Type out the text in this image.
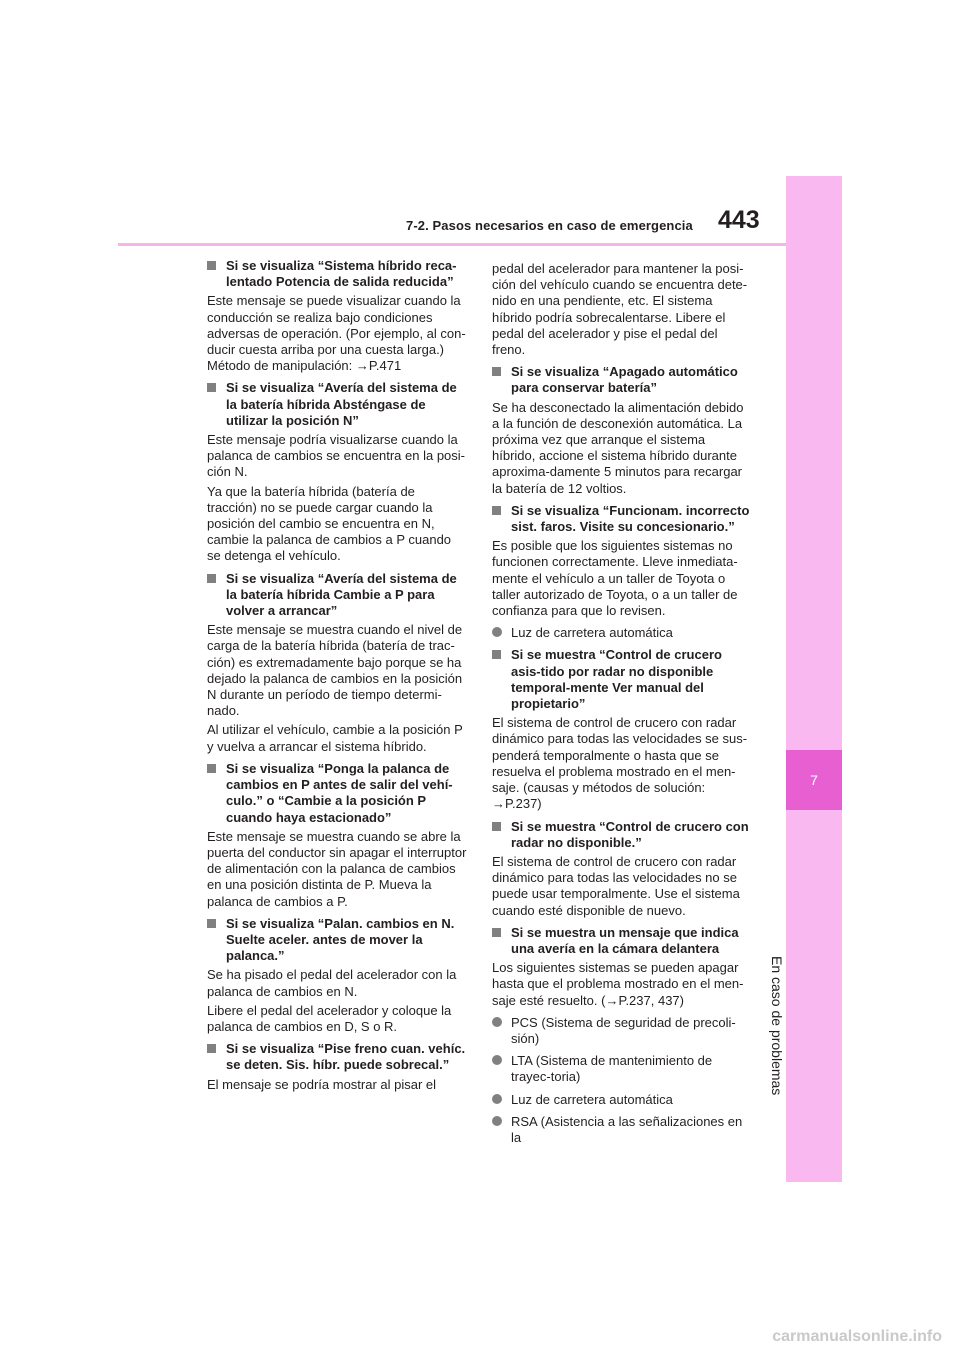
7
En caso de problemas
7-2. Pasos necesarios en caso de emergencia 443
Si se visualiza “Sistema híbrido reca-lentado Potencia de salida reducida”
Este mensaje se puede visualizar cuando la conducción se realiza bajo condiciones adversas de operación. (Por ejemplo, al con-ducir cuesta arriba por una cuesta larga.) Método de manipulación: →P.471
Si se visualiza “Avería del sistema de la batería híbrida Absténgase de utilizar la posición N”
Este mensaje podría visualizarse cuando la palanca de cambios se encuentra en la posi-ción N.
Ya que la batería híbrida (batería de tracción) no se puede cargar cuando la posición del cambio se encuentra en N, cambie la palanca de cambios a P cuando se detenga el vehículo.
Si se visualiza “Avería del sistema de la batería híbrida Cambie a P para volver a arrancar”
Este mensaje se muestra cuando el nivel de carga de la batería híbrida (batería de trac-ción) es extremadamente bajo porque se ha dejado la palanca de cambios en la posición N durante un período de tiempo determi-nado.
Al utilizar el vehículo, cambie a la posición P y vuelva a arrancar el sistema híbrido.
Si se visualiza “Ponga la palanca de cambios en P antes de salir del vehí-culo.” o “Cambie a la posición P cuando haya estacionado”
Este mensaje se muestra cuando se abre la puerta del conductor sin apagar el interruptor de alimentación con la palanca de cambios en una posición distinta de P. Mueva la palanca de cambios a P.
Si se visualiza “Palan. cambios en N. Suelte aceler. antes de mover la palanca.”
Se ha pisado el pedal del acelerador con la palanca de cambios en N.
Libere el pedal del acelerador y coloque la palanca de cambios en D, S o R.
Si se visualiza “Pise freno cuan. vehíc. se deten. Sis. híbr. puede sobrecal.”
El mensaje se podría mostrar al pisar el
pedal del acelerador para mantener la posi-ción del vehículo cuando se encuentra dete-nido en una pendiente, etc. El sistema híbrido podría sobrecalentarse. Libere el pedal del acelerador y pise el pedal del freno.
Si se visualiza “Apagado automático para conservar batería”
Se ha desconectado la alimentación debido a la función de desconexión automática. La próxima vez que arranque el sistema híbrido, accione el sistema híbrido durante aproxima-damente 5 minutos para recargar la batería de 12 voltios.
Si se visualiza “Funcionam. incorrecto sist. faros. Visite su concesionario.”
Es posible que los siguientes sistemas no funcionen correctamente. Lleve inmediata-mente el vehículo a un taller de Toyota o taller autorizado de Toyota, o a un taller de confianza para que lo revisen.
Luz de carretera automática
Si se muestra “Control de crucero asis-tido por radar no disponible temporal-mente Ver manual del propietario”
El sistema de control de crucero con radar dinámico para todas las velocidades se sus-penderá temporalmente o hasta que se resuelva el problema mostrado en el men-saje. (causas y métodos de solución: →P.237)
Si se muestra “Control de crucero con radar no disponible.”
El sistema de control de crucero con radar dinámico para todas las velocidades no se puede usar temporalmente. Use el sistema cuando esté disponible de nuevo.
Si se muestra un mensaje que indica una avería en la cámara delantera
Los siguientes sistemas se pueden apagar hasta que el problema mostrado en el men-saje esté resuelto. (→P.237, 437)
PCS (Sistema de seguridad de precoli-sión)
LTA (Sistema de mantenimiento de trayec-toria)
Luz de carretera automática
RSA (Asistencia a las señalizaciones en la
carmanualsonline.info
